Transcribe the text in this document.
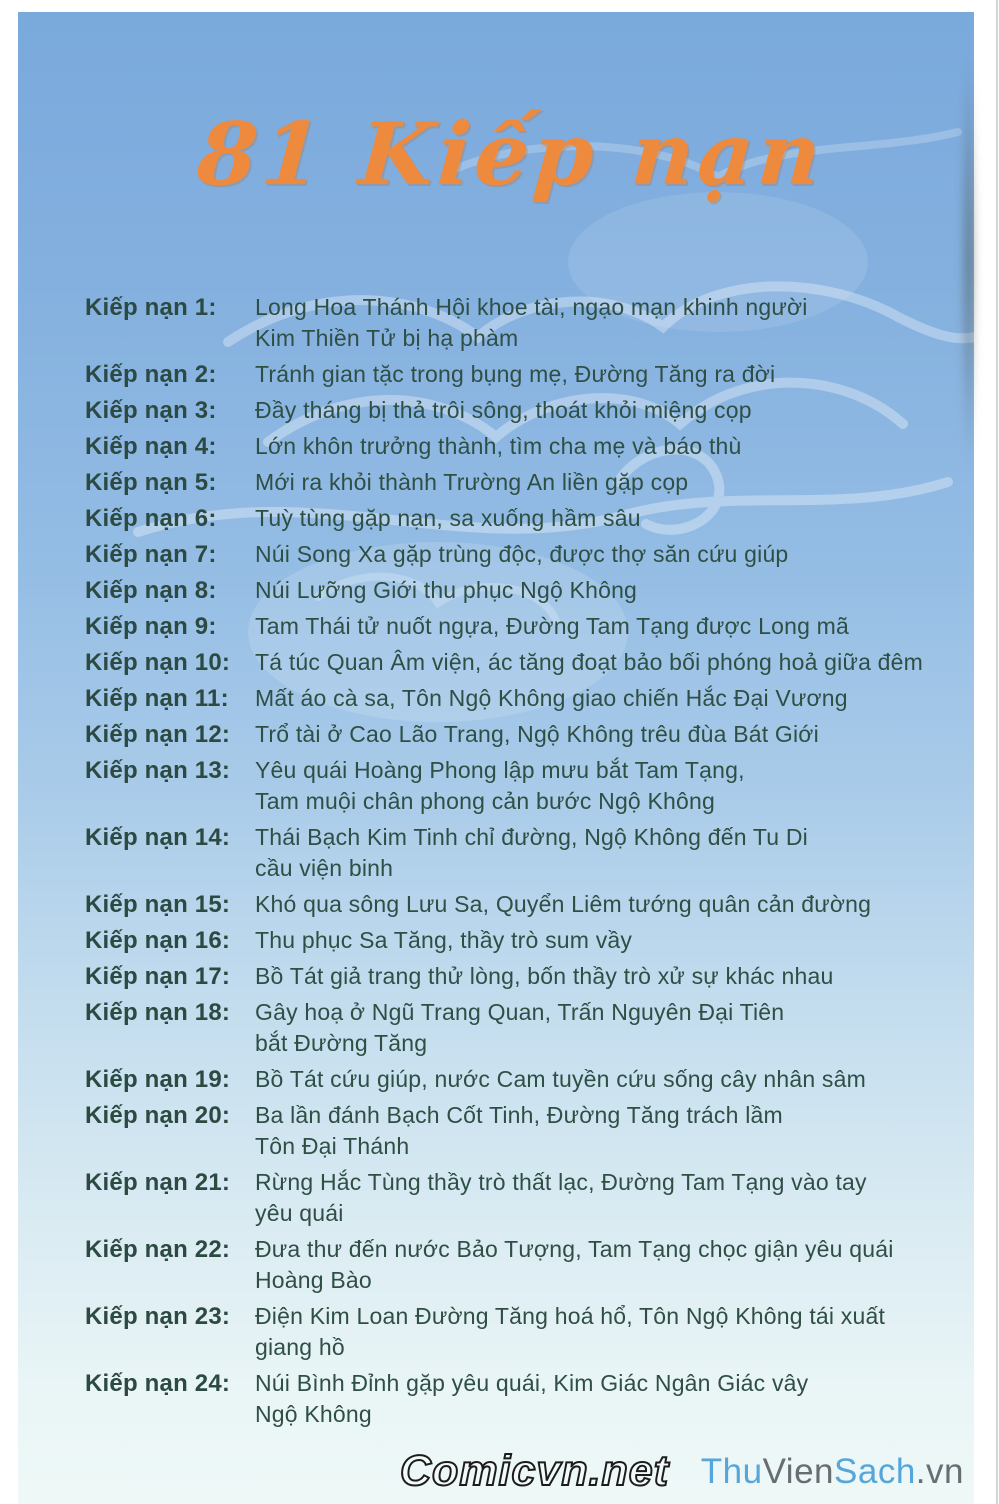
81 Kiếp nạn
Kiếp nạn 1:	Long Hoa Thánh Hội khoe tài, ngạo mạn khinh người
Kim Thiền Tử bị hạ phàm
Kiếp nạn 2:	Tránh gian tặc trong bụng mẹ, Đường Tăng ra đời
Kiếp nạn 3:	Đầy tháng bị thả trôi sông, thoát khỏi miệng cọp
Kiếp nạn 4:	Lớn khôn trưởng thành, tìm cha mẹ và báo thù
Kiếp nạn 5:	Mới ra khỏi thành Trường An liền gặp cọp
Kiếp nạn 6:	Tuỳ tùng gặp nạn, sa xuống hầm sâu
Kiếp nạn 7:	Núi Song Xa gặp trùng độc, được thợ săn cứu giúp
Kiếp nạn 8:	Núi Lưỡng Giới thu phục Ngộ Không
Kiếp nạn 9:	Tam Thái tử nuốt ngựa, Đường Tam Tạng được Long mã
Kiếp nạn 10:	Tá túc Quan Âm viện, ác tăng đoạt bảo bối phóng hoả giữa đêm
Kiếp nạn 11:	Mất áo cà sa, Tôn Ngộ Không giao chiến Hắc Đại Vương
Kiếp nạn 12:	Trổ tài ở Cao Lão Trang, Ngộ Không trêu đùa Bát Giới
Kiếp nạn 13:	Yêu quái Hoàng Phong lập mưu bắt Tam Tạng,
Tam muội chân phong cản bước Ngộ Không
Kiếp nạn 14:	Thái Bạch Kim Tinh chỉ đường, Ngộ Không đến Tu Di
cầu viện binh
Kiếp nạn 15:	Khó qua sông Lưu Sa, Quyển Liêm tướng quân cản đường
Kiếp nạn 16:	Thu phục Sa Tăng, thầy trò sum vầy
Kiếp nạn 17:	Bồ Tát giả trang thử lòng, bốn thầy trò xử sự khác nhau
Kiếp nạn 18:	Gây hoạ ở Ngũ Trang Quan, Trấn Nguyên Đại Tiên
bắt Đường Tăng
Kiếp nạn 19:	Bồ Tát cứu giúp, nước Cam tuyền cứu sống cây nhân sâm
Kiếp nạn 20:	Ba lần đánh Bạch Cốt Tinh, Đường Tăng trách lầm
Tôn Đại Thánh
Kiếp nạn 21:	Rừng Hắc Tùng thầy trò thất lạc, Đường Tam Tạng vào tay
yêu quái
Kiếp nạn 22:	Đưa thư đến nước Bảo Tượng, Tam Tạng chọc giận yêu quái
Hoàng Bào
Kiếp nạn 23:	Điện Kim Loan Đường Tăng hoá hổ, Tôn Ngộ Không tái xuất
giang hồ
Kiếp nạn 24:	Núi Bình Đỉnh gặp yêu quái, Kim Giác Ngân Giác vây
Ngộ Không
Comicvn.net ThuVienSach.vn
